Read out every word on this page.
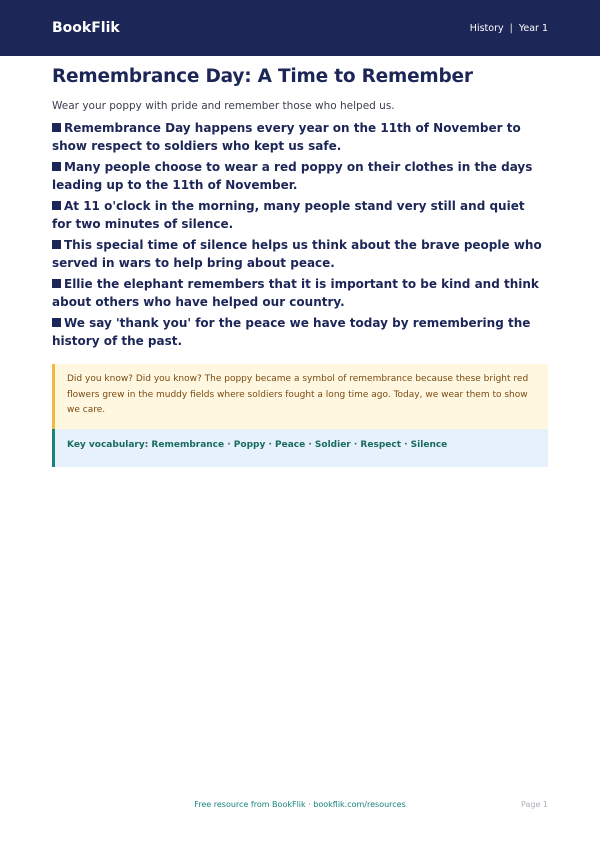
BookFlik	History | Year 1
Remembrance Day: A Time to Remember
Wear your poppy with pride and remember those who helped us.
Remembrance Day happens every year on the 11th of November to show respect to soldiers who kept us safe.
Many people choose to wear a red poppy on their clothes in the days leading up to the 11th of November.
At 11 o'clock in the morning, many people stand very still and quiet for two minutes of silence.
This special time of silence helps us think about the brave people who served in wars to help bring about peace.
Ellie the elephant remembers that it is important to be kind and think about others who have helped our country.
We say 'thank you' for the peace we have today by remembering the history of the past.
Did you know? Did you know? The poppy became a symbol of remembrance because these bright red flowers grew in the muddy fields where soldiers fought a long time ago. Today, we wear them to show we care.
Key vocabulary: Remembrance · Poppy · Peace · Soldier · Respect · Silence
Free resource from BookFlik · bookflik.com/resources	Page 1
